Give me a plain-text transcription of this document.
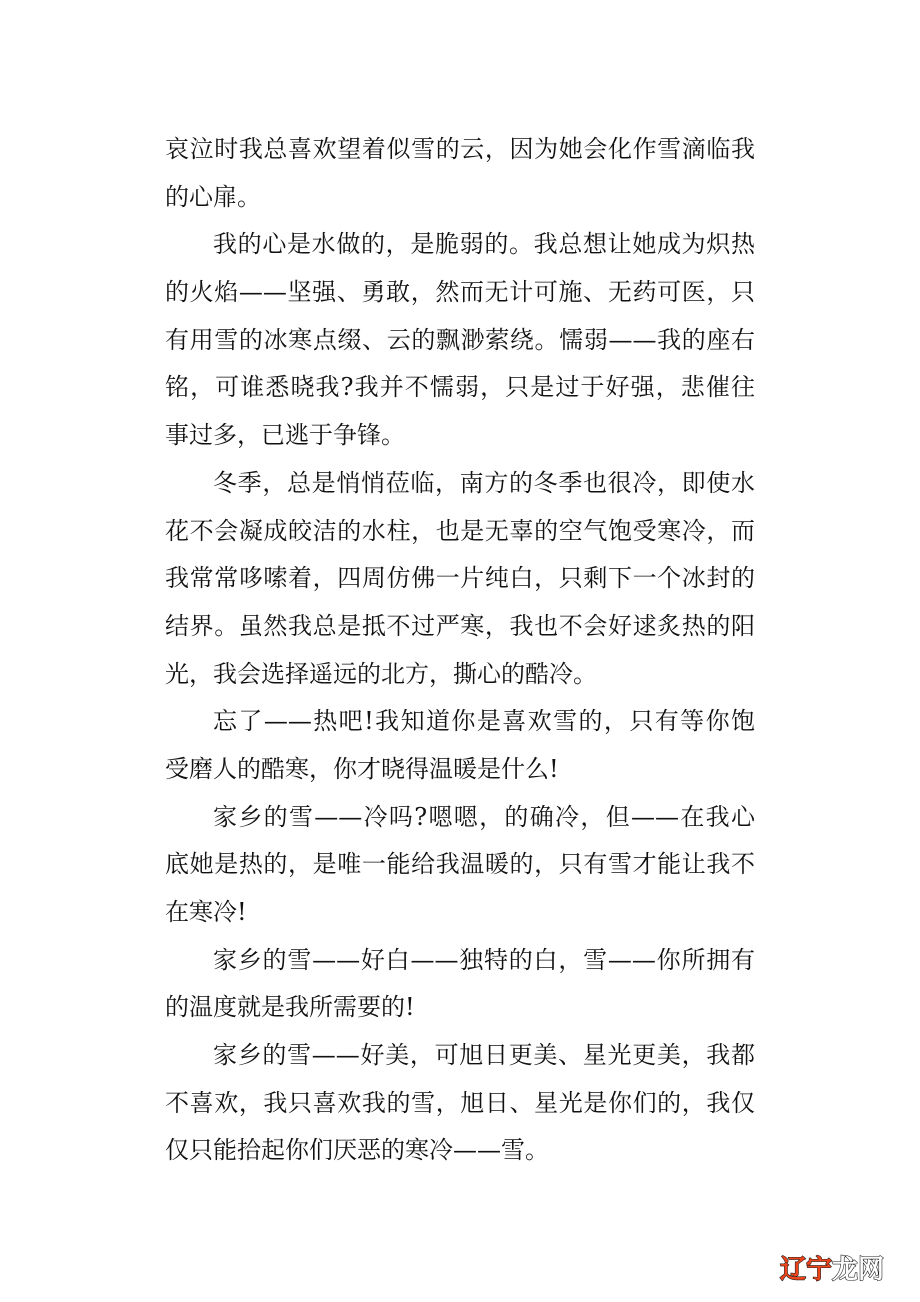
哀泣时我总喜欢望着似雪的云，因为她会化作雪滴临我
的心扉。
我的心是水做的，是脆弱的。我总想让她成为炽热
的火焰——坚强、勇敢，然而无计可施、无药可医，只
有用雪的冰寒点缀、云的飘渺萦绕。懦弱——我的座右
铭，可谁悉晓我?我并不懦弱，只是过于好强，悲催往
事过多，已逃于争锋。
冬季，总是悄悄莅临，南方的冬季也很冷，即使水
花不会凝成皎洁的水柱，也是无辜的空气饱受寒冷，而
我常常哆嗦着，四周仿佛一片纯白，只剩下一个冰封的
结界。虽然我总是抵不过严寒，我也不会好逑炙热的阳
光，我会选择遥远的北方，撕心的酷冷。
忘了——热吧!我知道你是喜欢雪的，只有等你饱
受磨人的酷寒，你才晓得温暖是什么!
家乡的雪——冷吗?嗯嗯，的确冷，但——在我心
底她是热的，是唯一能给我温暖的，只有雪才能让我不
在寒冷!
家乡的雪——好白——独特的白，雪——你所拥有
的温度就是我所需要的!
家乡的雪——好美，可旭日更美、星光更美，我都
不喜欢，我只喜欢我的雪，旭日、星光是你们的，我仅
仅只能拾起你们厌恶的寒冷——雪。
辽宁龙网
